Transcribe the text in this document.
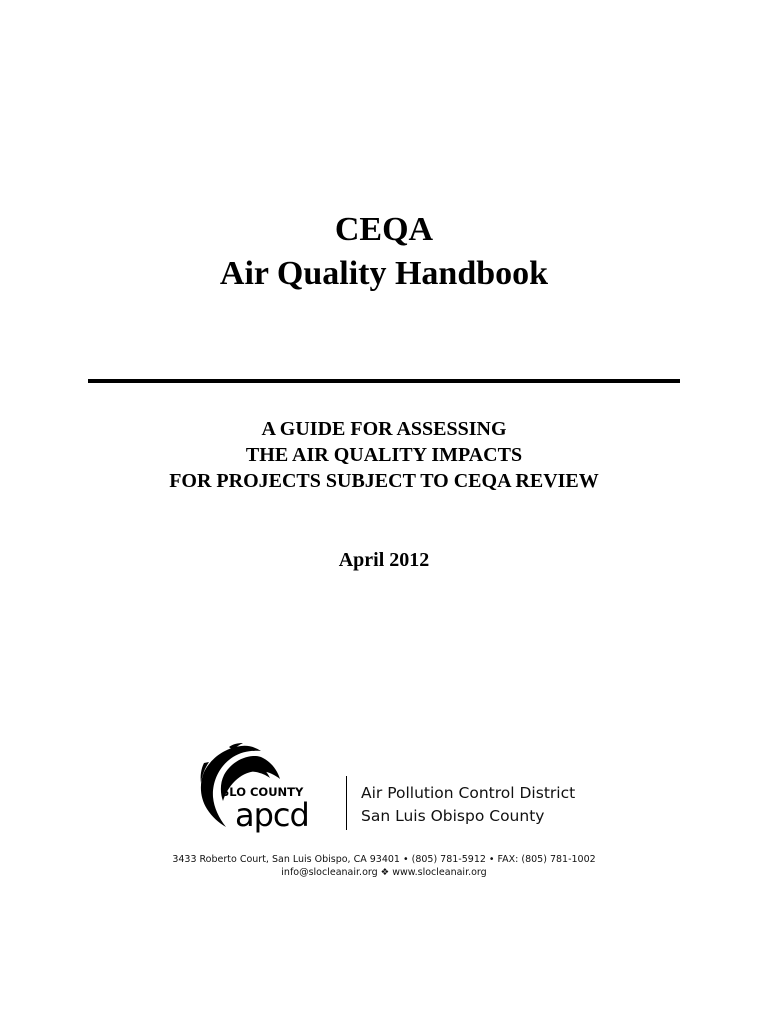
CEQA
Air Quality Handbook
A GUIDE FOR ASSESSING
THE AIR QUALITY IMPACTS
FOR PROJECTS SUBJECT TO CEQA REVIEW
April 2012
SLO COUNTY
apcd
Air Pollution Control District
San Luis Obispo County
3433 Roberto Court, San Luis Obispo, CA 93401 • (805) 781-5912 • FAX: (805) 781-1002
info@slocleanair.org ❖ www.slocleanair.org
